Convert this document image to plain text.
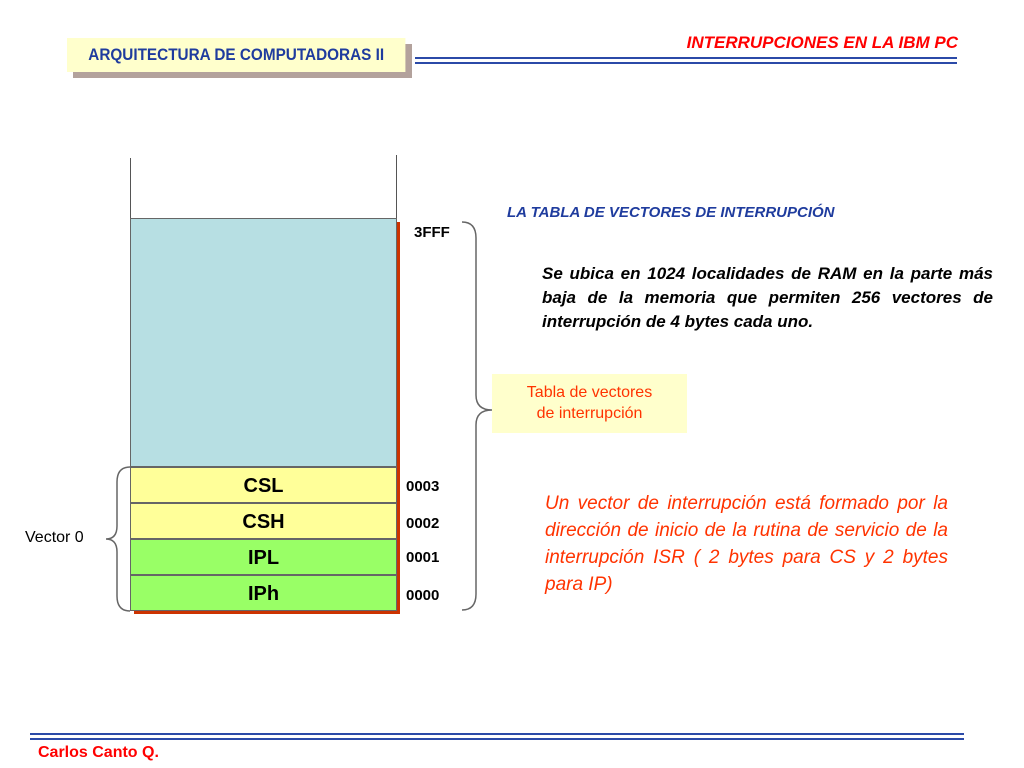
ARQUITECTURA DE COMPUTADORAS II
INTERRUPCIONES EN LA IBM PC
CSL
CSH
IPL
IPh
3FFF
0003
0002
0001
0000
Vector 0
LA TABLA DE VECTORES DE INTERRUPCIÓN
Se ubica en 1024 localidades de RAM en la parte más baja de la memoria que permiten 256 vectores de interrupción de 4 bytes cada uno.
Tabla de vectores
de interrupción
Un vector de interrupción está formado por la dirección de inicio de la rutina de servicio de la interrupción ISR ( 2 bytes para CS y 2 bytes para IP)
Carlos Canto Q.
